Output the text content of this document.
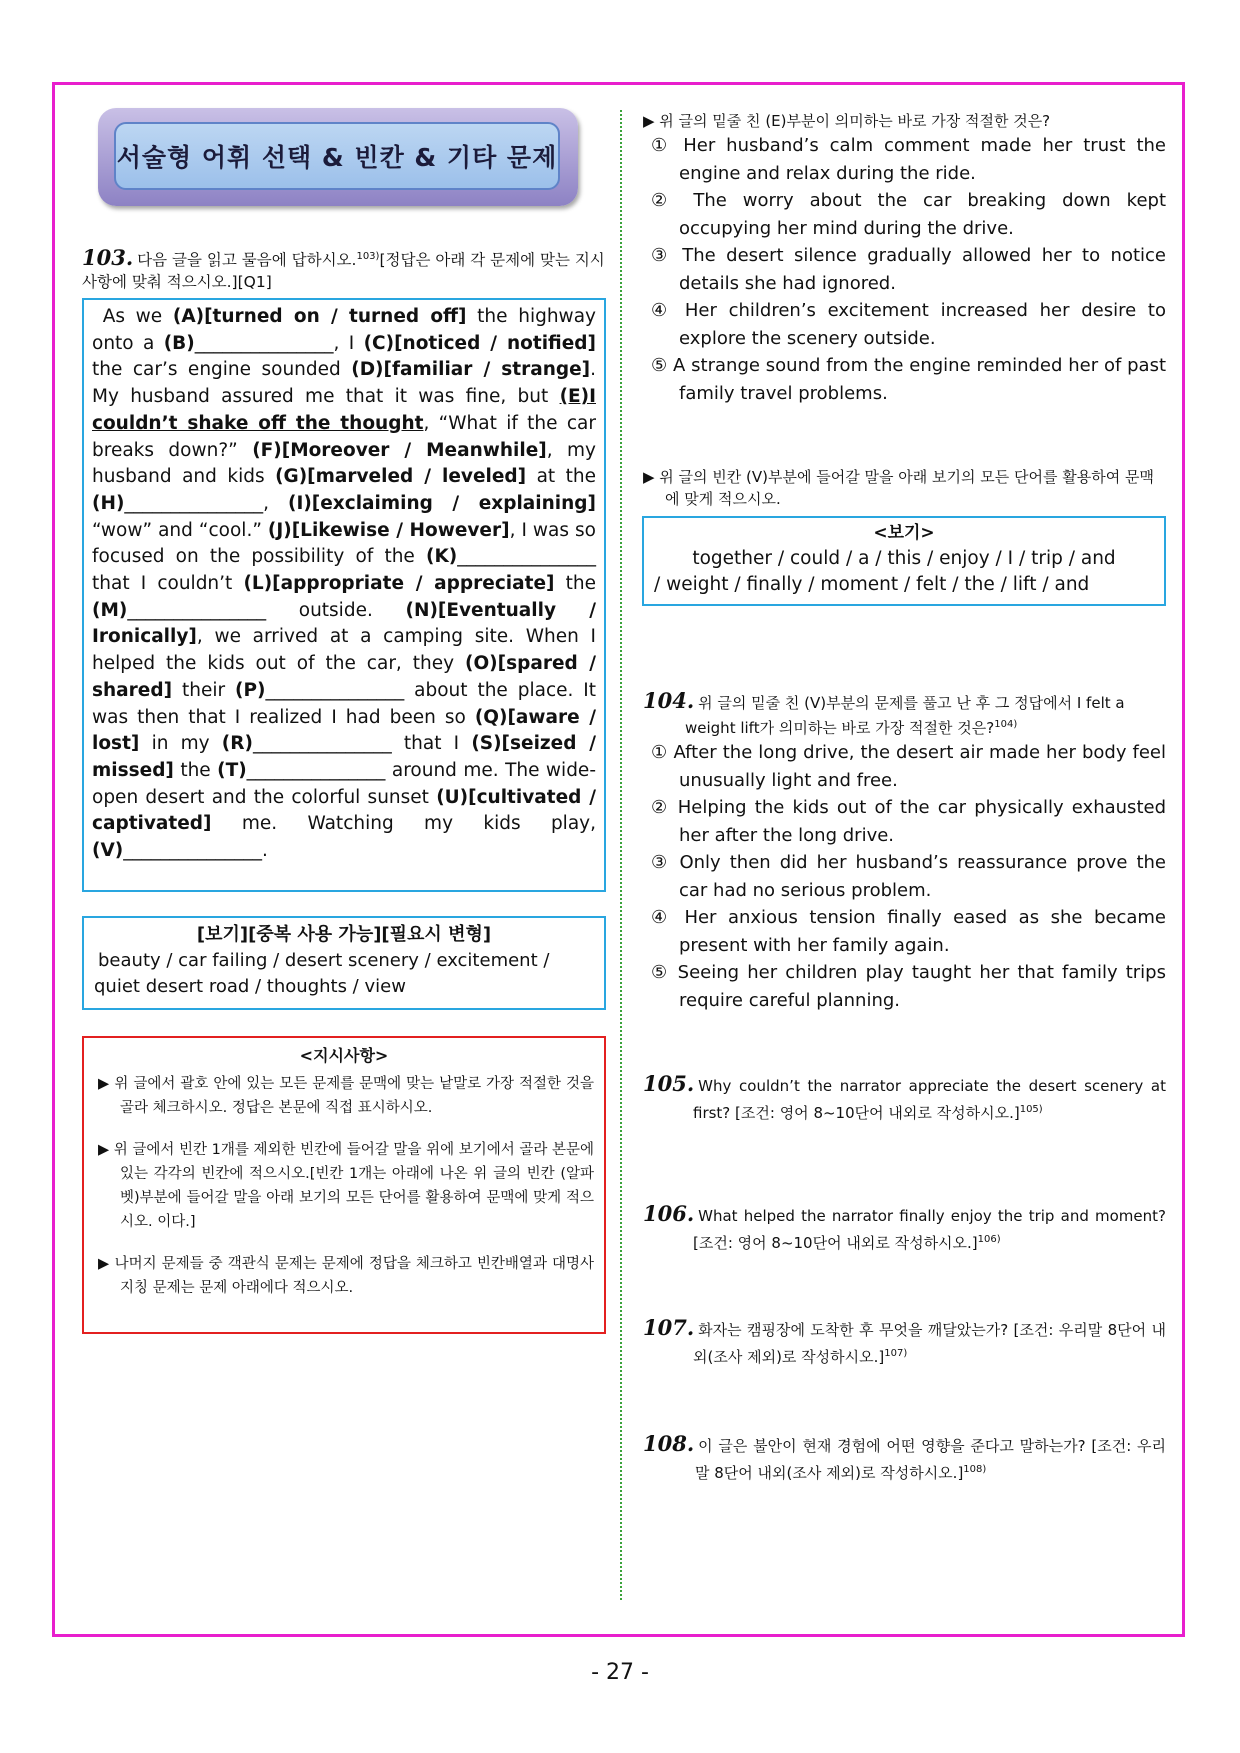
서술형 어휘 선택 & 빈칸 & 기타 문제
103. 다음 글을 읽고 물음에 답하시오.$^{103)}$[정답은 아래 각 문제에 맞는 지시사항에 맞춰 적으시오.][Q1]
As we (A)[turned on / turned off] the highway onto a (B)_______________, I (C)[noticed / notified] the car’s engine sounded (D)[familiar / strange]. My husband assured me that it was fine, but (E)I couldn’t shake off the thought, “What if the car breaks down?” (F)[Moreover / Meanwhile], my husband and kids (G)[marveled / leveled] at the (H)_______________, (I)[exclaiming / explaining] “wow” and “cool.” (J)[Likewise / However], I was so focused on the possibility of the (K)_______________ that I couldn’t (L)[appropriate / appreciate] the (M)_______________ outside. (N)[Eventually / Ironically], we arrived at a camping site. When I helped the kids out of the car, they (O)[spared / shared] their (P)_______________ about the place. It was then that I realized I had been so (Q)[aware / lost] in my (R)_______________ that I (S)[seized / missed] the (T)_______________ around me. The wide-open desert and the colorful sunset (U)[cultivated / captivated] me. Watching my kids play, (V)_______________.
[보기][중복 사용 가능][필요시 변형]
beauty / car failing / desert scenery / excitement / quiet desert road / thoughts / view
<지시사항>
▶ 위 글에서 괄호 안에 있는 모든 문제를 문맥에 맞는 낱말로 가장 적절한 것을 골라 체크하시오. 정답은 본문에 직접 표시하시오.
▶ 위 글에서 빈칸 1개를 제외한 빈칸에 들어갈 말을 위에 보기에서 골라 본문에 있는 각각의 빈칸에 적으시오.[빈칸 1개는 아래에 나온 위 글의 빈칸 (알파벳)부분에 들어갈 말을 아래 보기의 모든 단어를 활용하여 문맥에 맞게 적으시오. 이다.]
▶ 나머지 문제들 중 객관식 문제는 문제에 정답을 체크하고 빈칸배열과 대명사 지칭 문제는 문제 아래에다 적으시오.
▶ 위 글의 밑줄 친 (E)부분이 의미하는 바로 가장 적절한 것은?
① Her husband’s calm comment made her trust the engine and relax during the ride.
② The worry about the car breaking down kept occupying her mind during the drive.
③ The desert silence gradually allowed her to notice details she had ignored.
④ Her children’s excitement increased her desire to explore the scenery outside.
⑤ A strange sound from the engine reminded her of past family travel problems.
▶ 위 글의 빈칸 (V)부분에 들어갈 말을 아래 보기의 모든 단어를 활용하여 문맥에 맞게 적으시오.
<보기>
together / could / a / this / enjoy / I / trip / and
/ weight / finally / moment / felt / the / lift / and
104. 위 글의 밑줄 친 (V)부분의 문제를 풀고 난 후 그 정답에서 I felt a weight lift가 의미하는 바로 가장 적절한 것은?$^{104)}$
① After the long drive, the desert air made her body feel unusually light and free.
② Helping the kids out of the car physically exhausted her after the long drive.
③ Only then did her husband’s reassurance prove the car had no serious problem.
④ Her anxious tension finally eased as she became present with her family again.
⑤ Seeing her children play taught her that family trips require careful planning.
105. Why couldn’t the narrator appreciate the desert scenery at first? [조건: 영어 8~10단어 내외로 작성하시오.]$^{105)}$
106. What helped the narrator finally enjoy the trip and moment? [조건: 영어 8~10단어 내외로 작성하시오.]$^{106)}$
107. 화자는 캠핑장에 도착한 후 무엇을 깨달았는가? [조건: 우리말 8단어 내외(조사 제외)로 작성하시오.]$^{107)}$
108. 이 글은 불안이 현재 경험에 어떤 영향을 준다고 말하는가? [조건: 우리말 8단어 내외(조사 제외)로 작성하시오.]$^{108)}$
- 27 -
